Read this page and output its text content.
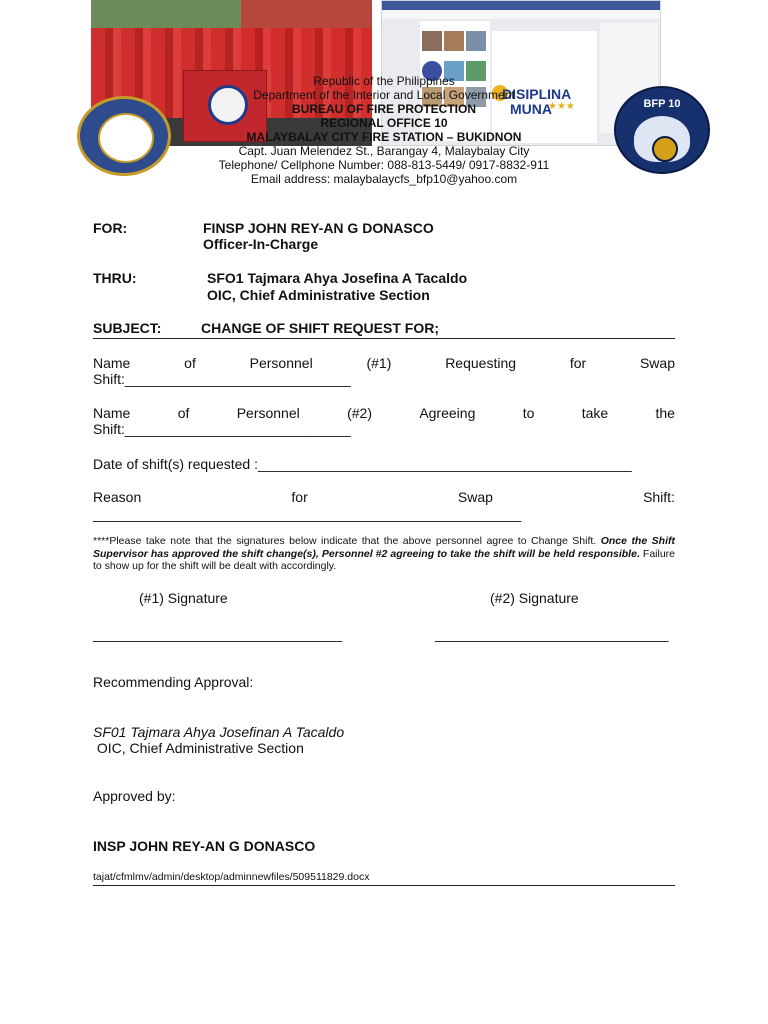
DISIPLINA
MUNA
★★★	BFP 10
Republic of the Philippines
Department of the Interior and Local Government
BUREAU OF FIRE PROTECTION
REGIONAL OFFICE 10
MALAYBALAY CITY FIRE STATION – BUKIDNON
Capt. Juan Melendez St., Barangay 4, Malaybalay City
Telephone/ Cellphone Number: 088-813-5449/ 0917-8832-911
Email address: malaybalaycfs_bfp10@yahoo.com
FOR:	FINSP JOHN REY-AN G DONASCO
Officer-In-Charge
THRU:	SFO1 Tajmara Ahya Josefina A Tacaldo
OIC, Chief Administrative Section
SUBJECT:	CHANGE OF SHIFT REQUEST FOR;
Name	of	Personnel	(#1)	Requesting	for	Swap
Shift:_____________________________
Name	of	Personnel	(#2)	Agreeing	to	take	the
Shift:_____________________________
Date of shift(s) requested :________________________________________________
Reason	for	Swap	Shift:
_______________________________________________________
****Please take note that the signatures below indicate that the above personnel agree to Change Shift. Once the Shift Supervisor has approved the shift change(s), Personnel #2 agreeing to take the shift will be held responsible. Failure to show up for the shift will be dealt with accordingly.
(#1) Signature	(#2) Signature
________________________________	______________________________
Recommending Approval:
SF01 Tajmara Ahya Josefinan A Tacaldo
OIC, Chief Administrative Section
Approved by:
INSP JOHN REY-AN G DONASCO
tajat/cfmlmv/admin/desktop/adminnewfiles/509511829.docx
